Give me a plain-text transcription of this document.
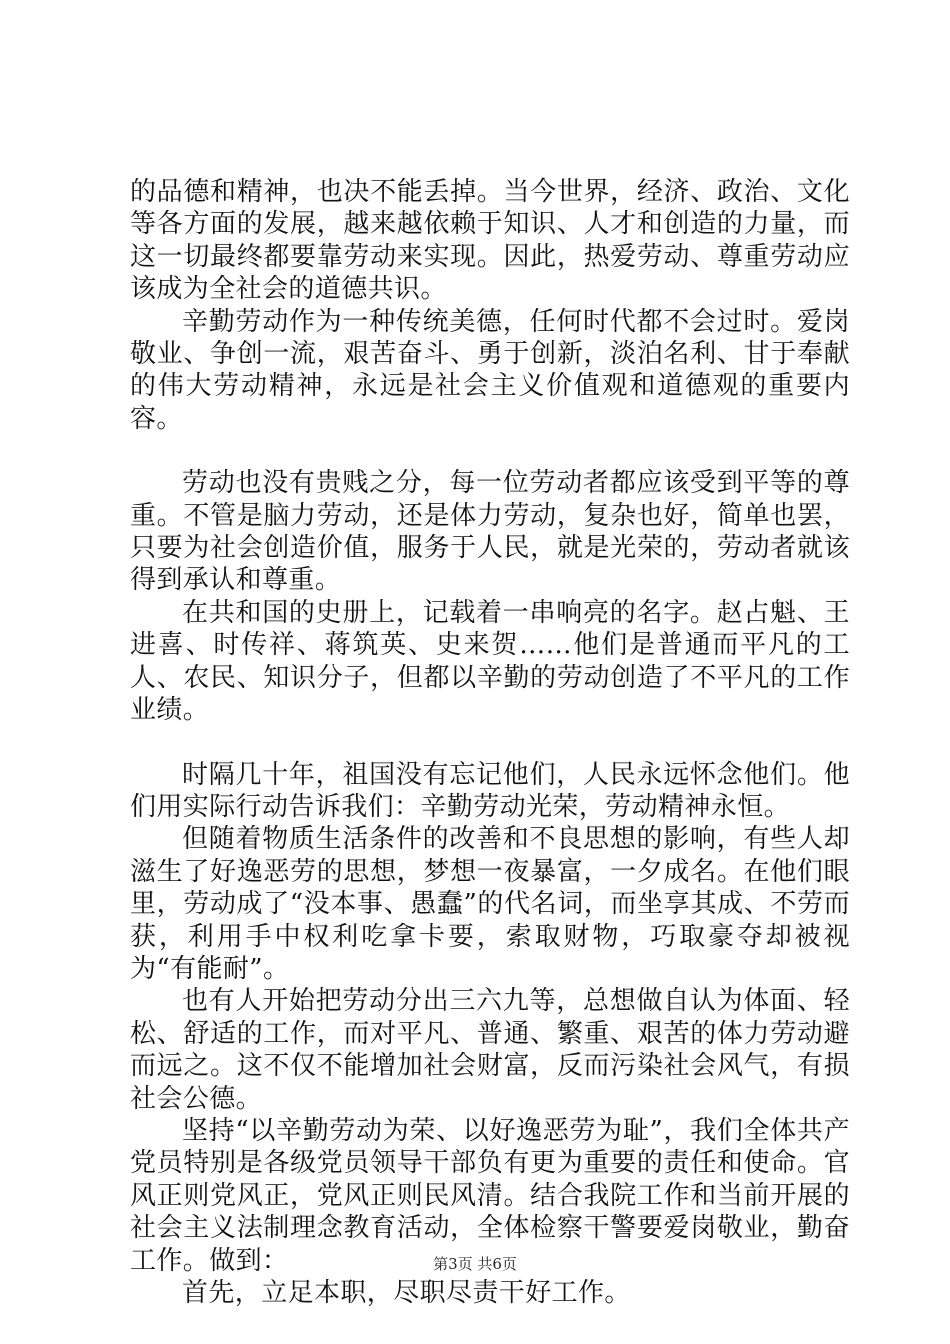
的品德和精神，也决不能丢掉。当今世界，经济、政治、文化等各方面的发展，越来越依赖于知识、人才和创造的力量，而这一切最终都要靠劳动来实现。因此，热爱劳动、尊重劳动应该成为全社会的道德共识。

辛勤劳动作为一种传统美德，任何时代都不会过时。爱岗敬业、争创一流，艰苦奋斗、勇于创新，淡泊名利、甘于奉献的伟大劳动精神，永远是社会主义价值观和道德观的重要内容。

劳动也没有贵贱之分，每一位劳动者都应该受到平等的尊重。不管是脑力劳动，还是体力劳动，复杂也好，简单也罢，只要为社会创造价值，服务于人民，就是光荣的，劳动者就该得到承认和尊重。

在共和国的史册上，记载着一串响亮的名字。赵占魁、王进喜、时传祥、蒋筑英、史来贺……他们是普通而平凡的工人、农民、知识分子，但都以辛勤的劳动创造了不平凡的工作业绩。

时隔几十年，祖国没有忘记他们，人民永远怀念他们。他们用实际行动告诉我们：辛勤劳动光荣，劳动精神永恒。

但随着物质生活条件的改善和不良思想的影响，有些人却滋生了好逸恶劳的思想，梦想一夜暴富，一夕成名。在他们眼里，劳动成了“没本事、愚蠢”的代名词，而坐享其成、不劳而获，利用手中权利吃拿卡要，索取财物，巧取豪夺却被视为“有能耐”。

也有人开始把劳动分出三六九等，总想做自认为体面、轻松、舒适的工作，而对平凡、普通、繁重、艰苦的体力劳动避而远之。这不仅不能增加社会财富，反而污染社会风气，有损社会公德。

坚持“以辛勤劳动为荣、以好逸恶劳为耻”，我们全体共产党员特别是各级党员领导干部负有更为重要的责任和使命。官风正则党风正，党风正则民风清。结合我院工作和当前开展的社会主义法制理念教育活动，全体检察干警要爱岗敬业，勤奋工作。做到：

首先，立足本职，尽职尽责干好工作。

第3页 共6页
